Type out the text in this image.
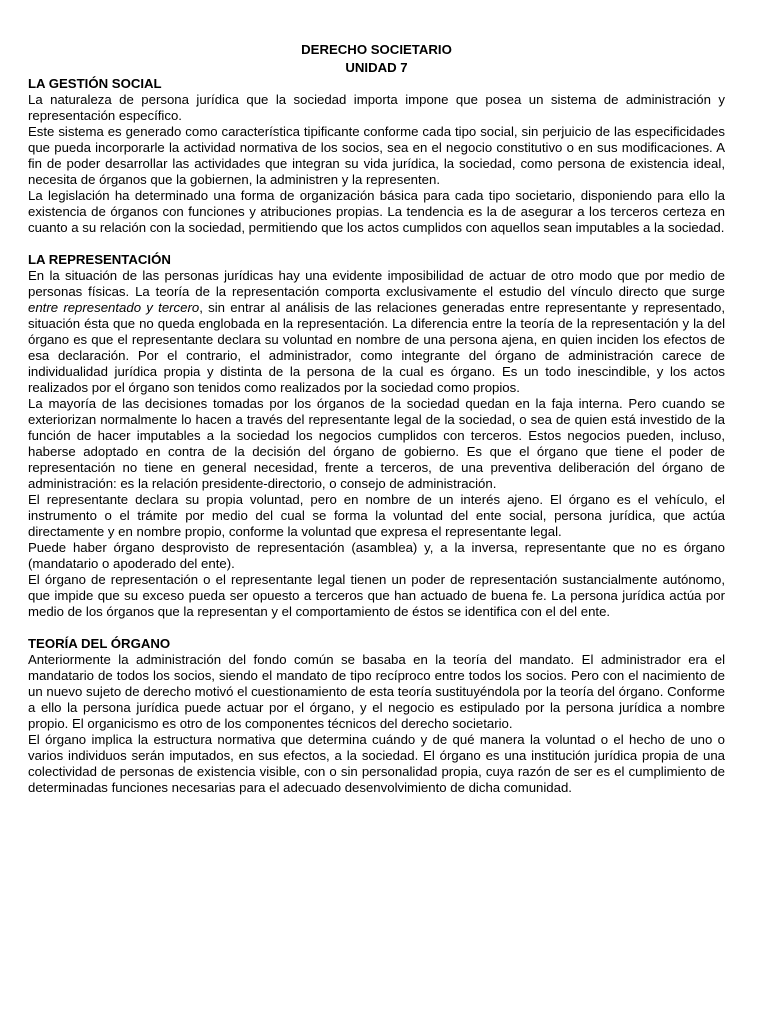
DERECHO SOCIETARIO
UNIDAD 7
LA GESTIÓN SOCIAL

La naturaleza de persona jurídica que la sociedad importa impone que posea un sistema de administración y representación específico.

Este sistema es generado como característica tipificante conforme cada tipo social, sin perjuicio de las especificidades que pueda incorporarle la actividad normativa de los socios, sea en el negocio constitutivo o en sus modificaciones. A fin de poder desarrollar las actividades que integran su vida jurídica, la sociedad, como persona de existencia ideal, necesita de órganos que la gobiernen, la administren y la representen.

La legislación ha determinado una forma de organización básica para cada tipo societario, disponiendo para ello la existencia de órganos con funciones y atribuciones propias. La tendencia es la de asegurar a los terceros certeza en cuanto a su relación con la sociedad, permitiendo que los actos cumplidos con aquellos sean imputables a la sociedad.

LA REPRESENTACIÓN

En la situación de las personas jurídicas hay una evidente imposibilidad de actuar de otro modo que por medio de personas físicas. La teoría de la representación comporta exclusivamente el estudio del vínculo directo que surge entre representado y tercero, sin entrar al análisis de las relaciones generadas entre representante y representado, situación ésta que no queda englobada en la representación. La diferencia entre la teoría de la representación y la del órgano es que el representante declara su voluntad en nombre de una persona ajena, en quien inciden los efectos de esa declaración. Por el contrario, el administrador, como integrante del órgano de administración carece de individualidad jurídica propia y distinta de la persona de la cual es órgano. Es un todo inescindible, y los actos realizados por el órgano son tenidos como realizados por la sociedad como propios.

La mayoría de las decisiones tomadas por los órganos de la sociedad quedan en la faja interna. Pero cuando se exteriorizan normalmente lo hacen a través del representante legal de la sociedad, o sea de quien está investido de la función de hacer imputables a la sociedad los negocios cumplidos con terceros. Estos negocios pueden, incluso, haberse adoptado en contra de la decisión del órgano de gobierno. Es que el órgano que tiene el poder de representación no tiene en general necesidad, frente a terceros, de una preventiva deliberación del órgano de administración: es la relación presidente-directorio, o consejo de administración.

El representante declara su propia voluntad, pero en nombre de un interés ajeno. El órgano es el vehículo, el instrumento o el trámite por medio del cual se forma la voluntad del ente social, persona jurídica, que actúa directamente y en nombre propio, conforme la voluntad que expresa el representante legal.

Puede haber órgano desprovisto de representación (asamblea) y, a la inversa, representante que no es órgano (mandatario o apoderado del ente).

El órgano de representación o el representante legal tienen un poder de representación sustancialmente autónomo, que impide que su exceso pueda ser opuesto a terceros que han actuado de buena fe. La persona jurídica actúa por medio de los órganos que la representan y el comportamiento de éstos se identifica con el del ente.

TEORÍA DEL ÓRGANO

Anteriormente la administración del fondo común se basaba en la teoría del mandato. El administrador era el mandatario de todos los socios, siendo el mandato de tipo recíproco entre todos los socios. Pero con el nacimiento de un nuevo sujeto de derecho motivó el cuestionamiento de esta teoría sustituyéndola por la teoría del órgano. Conforme a ello la persona jurídica puede actuar por el órgano, y el negocio es estipulado por la persona jurídica a nombre propio. El organicismo es otro de los componentes técnicos del derecho societario.

El órgano implica la estructura normativa que determina cuándo y de qué manera la voluntad o el hecho de uno o varios individuos serán imputados, en sus efectos, a la sociedad. El órgano es una institución jurídica propia de una colectividad de personas de existencia visible, con o sin personalidad propia, cuya razón de ser es el cumplimiento de determinadas funciones necesarias para el adecuado desenvolvimiento de dicha comunidad.
